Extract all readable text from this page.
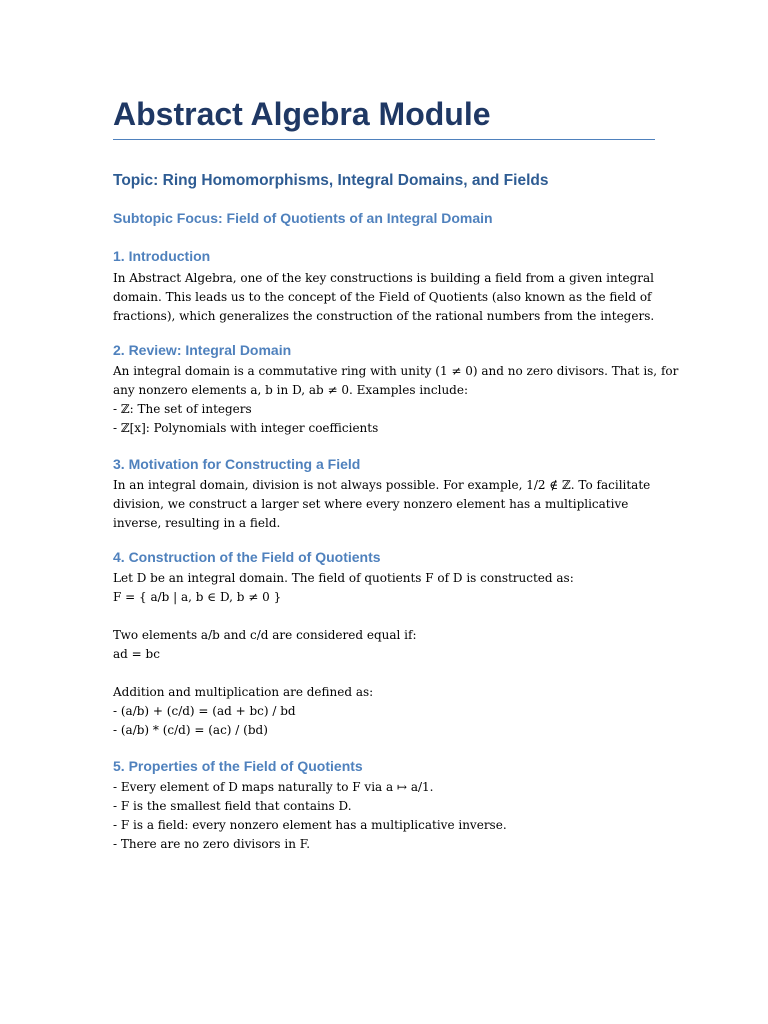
Abstract Algebra Module
Topic: Ring Homomorphisms, Integral Domains, and Fields
Subtopic Focus: Field of Quotients of an Integral Domain
1. Introduction
In Abstract Algebra, one of the key constructions is building a field from a given integral
domain. This leads us to the concept of the Field of Quotients (also known as the field of
fractions), which generalizes the construction of the rational numbers from the integers.
2. Review: Integral Domain
An integral domain is a commutative ring with unity (1 ≠ 0) and no zero divisors. That is, for
any nonzero elements a, b in D, ab ≠ 0. Examples include:
- ℤ: The set of integers
- ℤ[x]: Polynomials with integer coefficients
3. Motivation for Constructing a Field
In an integral domain, division is not always possible. For example, 1/2 ∉ ℤ. To facilitate
division, we construct a larger set where every nonzero element has a multiplicative
inverse, resulting in a field.
4. Construction of the Field of Quotients
Let D be an integral domain. The field of quotients F of D is constructed as:
F = { a/b | a, b ∈ D, b ≠ 0 }

Two elements a/b and c/d are considered equal if:
ad = bc

Addition and multiplication are defined as:
- (a/b) + (c/d) = (ad + bc) / bd
- (a/b) * (c/d) = (ac) / (bd)
5. Properties of the Field of Quotients
- Every element of D maps naturally to F via a ↦ a/1.
- F is the smallest field that contains D.
- F is a field: every nonzero element has a multiplicative inverse.
- There are no zero divisors in F.
